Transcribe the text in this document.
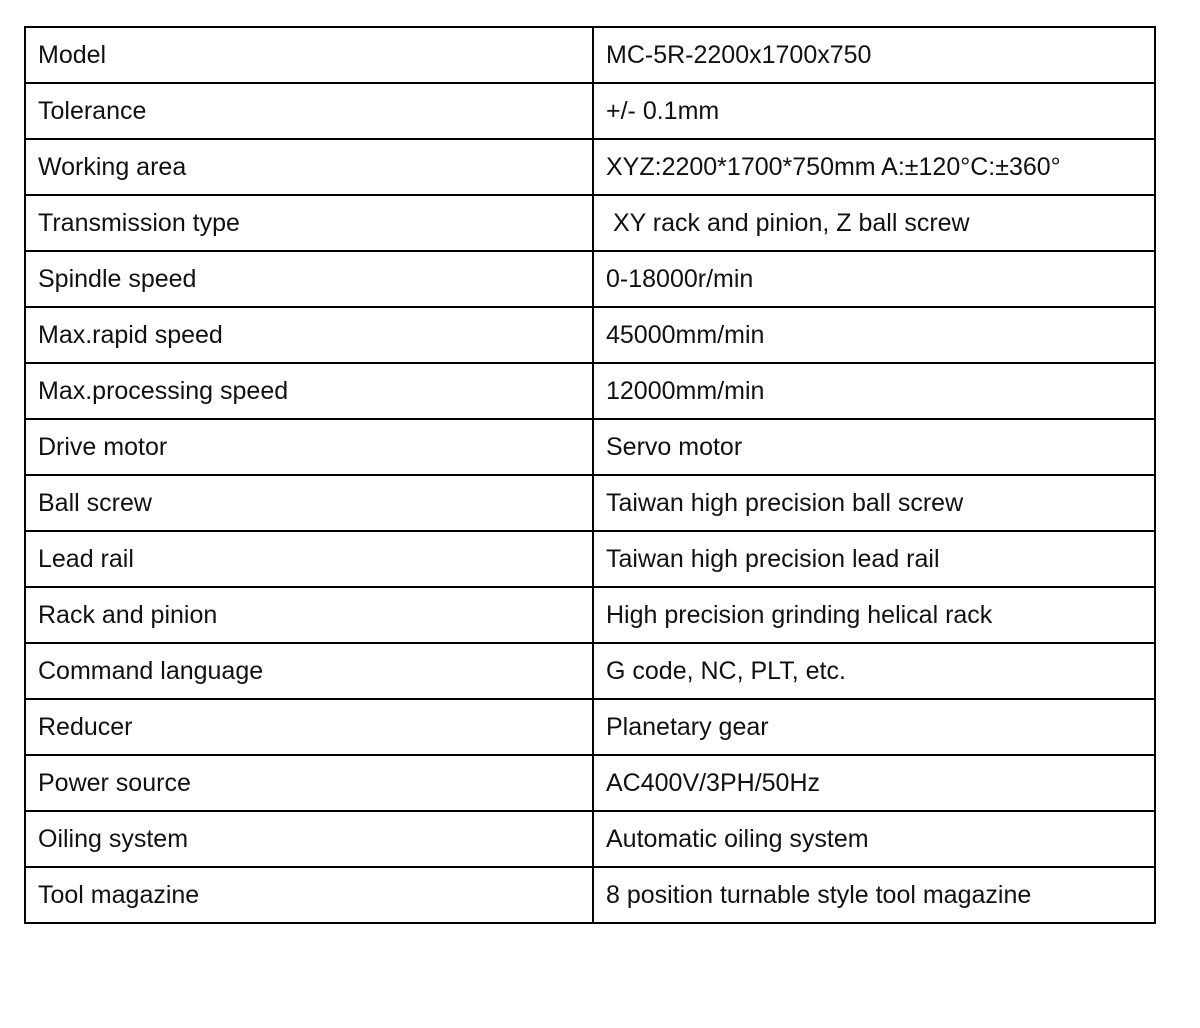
Model	MC-5R-2200x1700x750
Tolerance	+/- 0.1mm
Working area	XYZ:2200*1700*750mm A:±120°C:±360°
Transmission type	XY rack and pinion, Z ball screw
Spindle speed	0-18000r/min
Max.rapid speed	45000mm/min
Max.processing speed	12000mm/min
Drive motor	Servo motor
Ball screw	Taiwan high precision ball screw
Lead rail	Taiwan high precision lead rail
Rack and pinion	High precision grinding helical rack
Command language	G code, NC, PLT, etc.
Reducer	Planetary gear
Power source	AC400V/3PH/50Hz
Oiling system	Automatic oiling system
Tool magazine	8 position turnable style tool magazine
